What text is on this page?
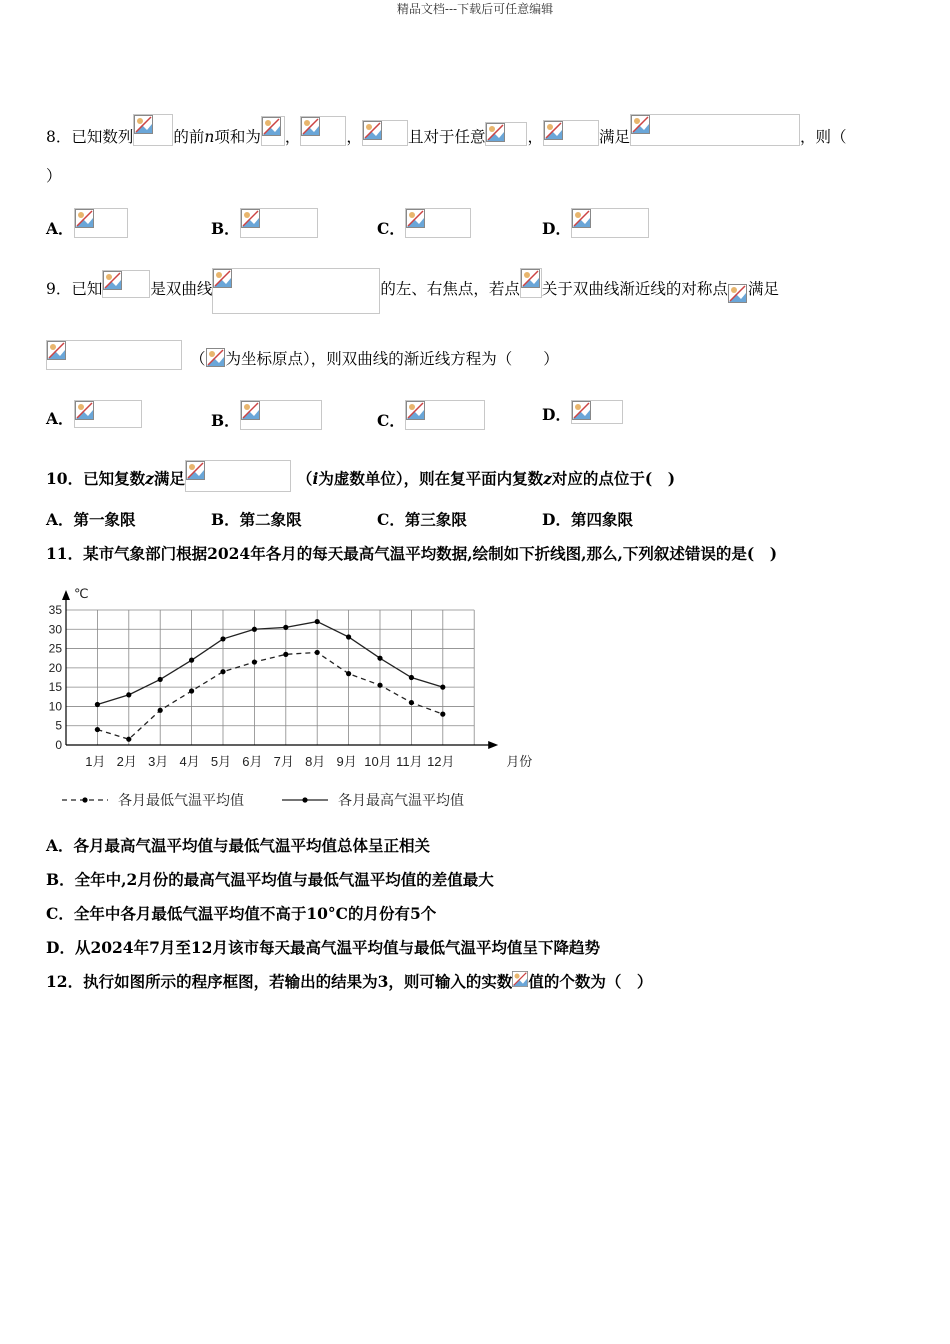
精品文档---下载后可任意编辑
8．已知数列	的前n项和为 ，	，	且对于任意	，	满足	，则（
）
A．	B．	C．	D．
9．已知	是双曲线	的左、右焦点，若点 关于双曲线渐近线的对称点 满足
（ 为坐标原点），则双曲线的渐近线方程为（　　）
A．	B．	C．	D．
10．已知复数z满足	（i为虚数单位），则在复平面内复数z对应的点位于(　)
A．第一象限	B．第二象限	C．第三象限	D．第四象限
11．某市气象部门根据2024年各月的每天最高气温平均数据,绘制如下折线图,那么,下列叙述错误的是(　)
0
5
10
15
20
25
30
35
℃
1月 2月 3月 4月 5月 6月 7月 8月 9月 10月 11月 12月	月份
各月最低气温平均值	各月最高气温平均值
A．各月最高气温平均值与最低气温平均值总体呈正相关
B．全年中,2月份的最高气温平均值与最低气温平均值的差值最大
C．全年中各月最低气温平均值不高于10°C的月份有5个
D．从2024年7月至12月该市每天最高气温平均值与最低气温平均值呈下降趋势
12．执行如图所示的程序框图，若输出的结果为3，则可输入的实数 值的个数为（　）
